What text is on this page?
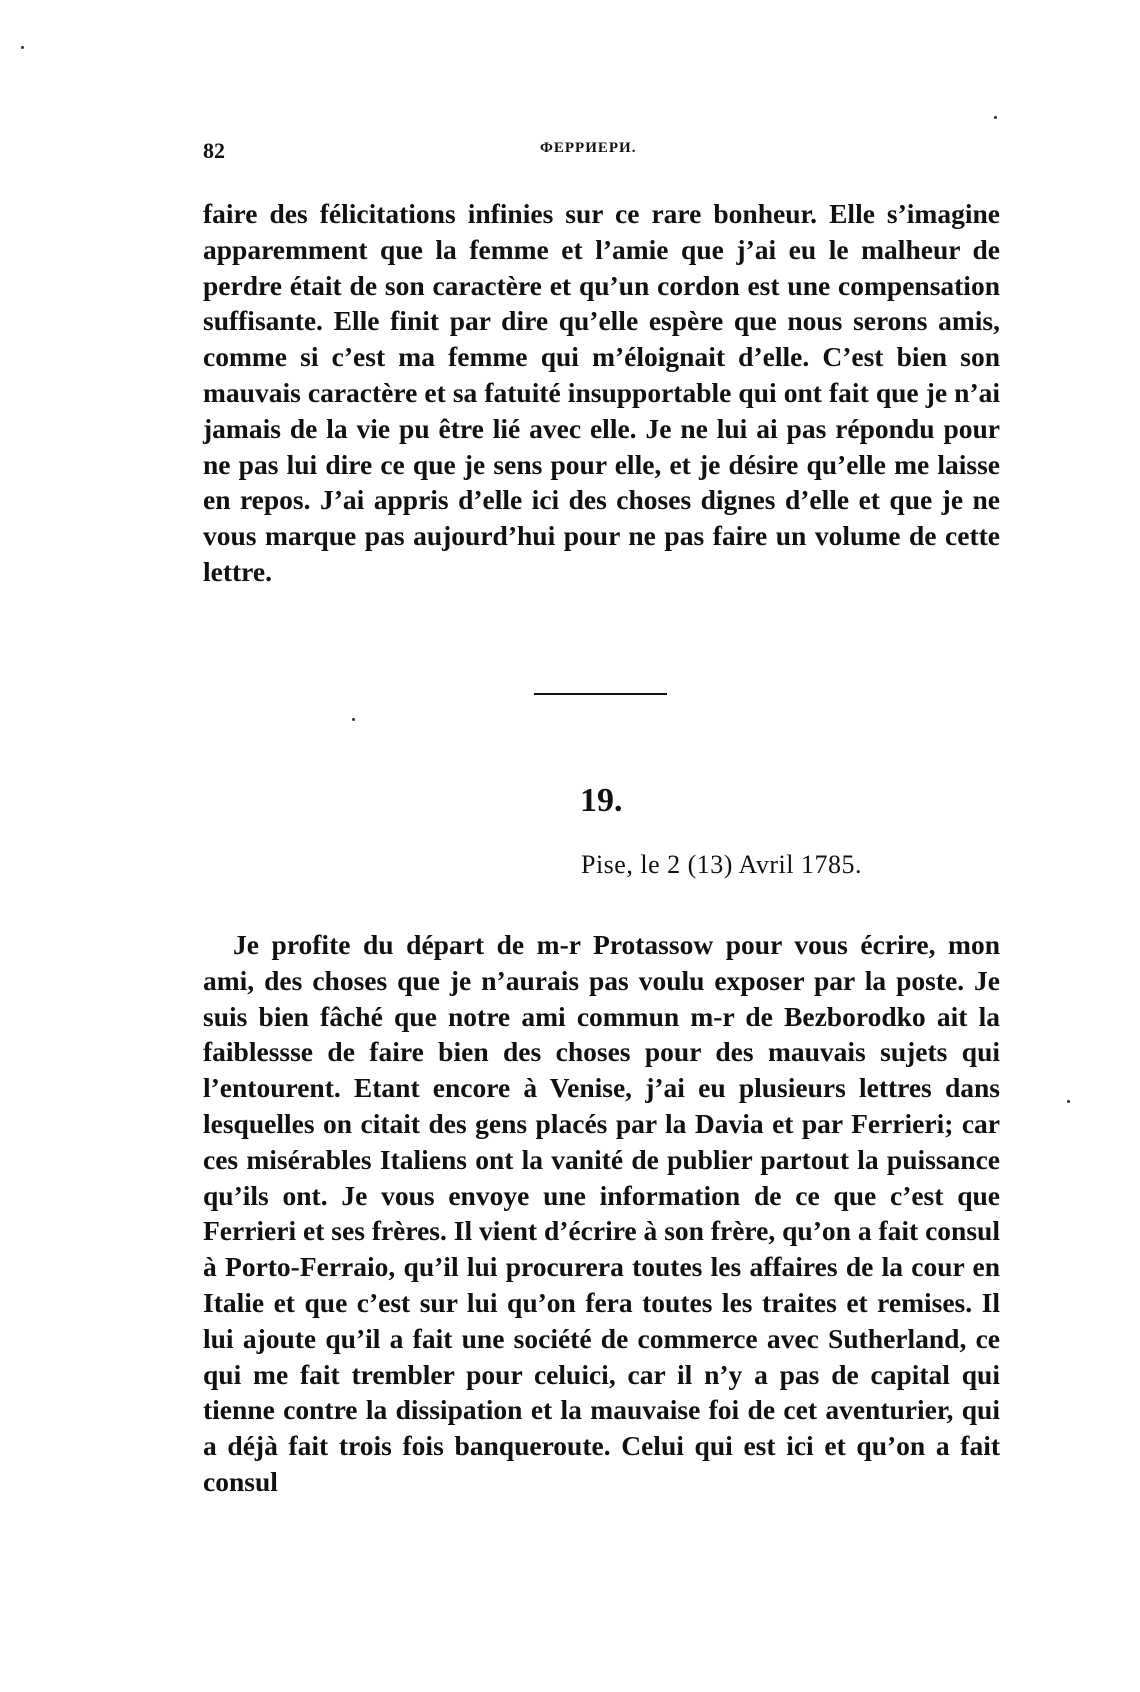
82	ФЕРРИЕРИ.

faire des félicitations infinies sur ce rare bonheur. Elle s’imagine apparemment que la femme et l’amie que j’ai eu le malheur de perdre était de son caractère et qu’un cordon est une compensation suffisante. Elle finit par dire qu’elle espère que nous serons amis, comme si c’est ma femme qui m’éloignait d’elle. C’est bien son mauvais caractère et sa fatuité insupportable qui ont fait que je n’ai jamais de la vie pu être lié avec elle. Je ne lui ai pas répondu pour ne pas lui dire ce que je sens pour elle, et je désire qu’elle me laisse en repos. J’ai appris d’elle ici des choses dignes d’elle et que je ne vous marque pas aujourd’hui pour ne pas faire un volume de cette lettre.

19.
Pise, le 2 (13) Avril 1785.

Je profite du départ de m-r Protassow pour vous écrire, mon ami, des choses que je n’aurais pas voulu exposer par la poste. Je suis bien fâché que notre ami commun m-r de Bezborodko ait la faiblessse de faire bien des choses pour des mauvais sujets qui l’entourent. Etant encore à Venise, j’ai eu plusieurs lettres dans lesquelles on citait des gens placés par la Davia et par Ferrieri; car ces misérables Italiens ont la vanité de publier partout la puissance qu’ils ont. Je vous envoye une information de ce que c’est que Ferrieri et ses frères. Il vient d’écrire à son frère, qu’on a fait consul à Porto-Ferraio, qu’il lui procurera toutes les affaires de la cour en Italie et que c’est sur lui qu’on fera toutes les traites et remises. Il lui ajoute qu’il a fait une société de commerce avec Sutherland, ce qui me fait trembler pour celuici, car il n’y a pas de capital qui tienne contre la dissipation et la mauvaise foi de cet aventurier, qui a déjà fait trois fois banqueroute. Celui qui est ici et qu’on a fait consul
